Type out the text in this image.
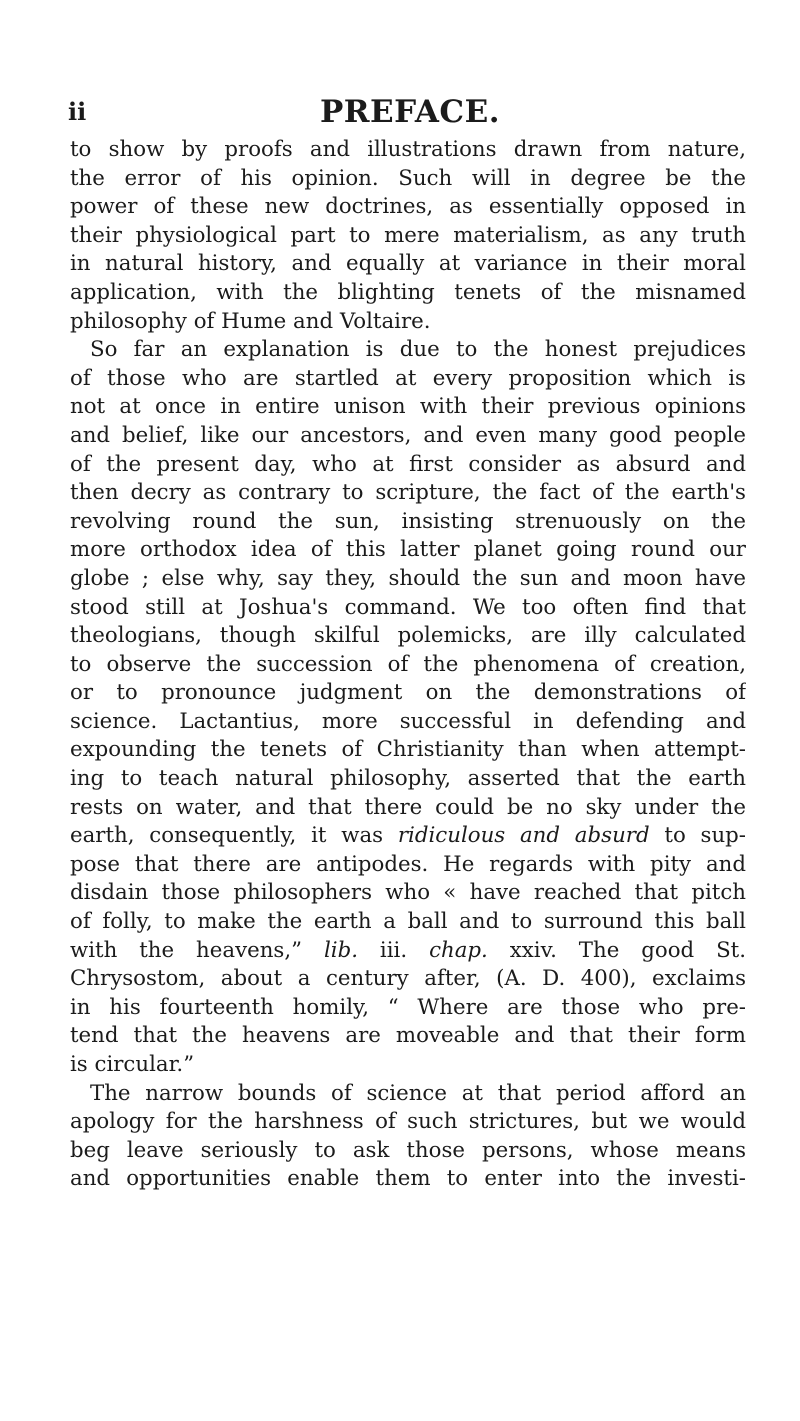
ii	PREFACE.
to show by proofs and illustrations drawn from nature,
the error of his opinion. Such will in degree be the
power of these new doctrines, as essentially opposed in
their physiological part to mere materialism, as any truth
in natural history, and equally at variance in their moral
application, with the blighting tenets of the misnamed
philosophy of Hume and Voltaire.
So far an explanation is due to the honest prejudices
of those who are startled at every proposition which is
not at once in entire unison with their previous opinions
and belief, like our ancestors, and even many good people
of the present day, who at first consider as absurd and
then decry as contrary to scripture, the fact of the earth's
revolving round the sun, insisting strenuously on the
more orthodox idea of this latter planet going round our
globe ; else why, say they, should the sun and moon have
stood still at Joshua's command. We too often find that
theologians, though skilful polemicks, are illy calculated
to observe the succession of the phenomena of creation,
or to pronounce judgment on the demonstrations of
science. Lactantius, more successful in defending and
expounding the tenets of Christianity than when attempt-
ing to teach natural philosophy, asserted that the earth
rests on water, and that there could be no sky under the
earth, consequently, it was ridiculous and absurd to sup-
pose that there are antipodes. He regards with pity and
disdain those philosophers who « have reached that pitch
of folly, to make the earth a ball and to surround this ball
with the heavens,” lib. iii. chap. xxiv. The good St.
Chrysostom, about a century after, (A. D. 400), exclaims
in his fourteenth homily, “ Where are those who pre-
tend that the heavens are moveable and that their form
is circular.”
The narrow bounds of science at that period afford an
apology for the harshness of such strictures, but we would
beg leave seriously to ask those persons, whose means
and opportunities enable them to enter into the investi-
